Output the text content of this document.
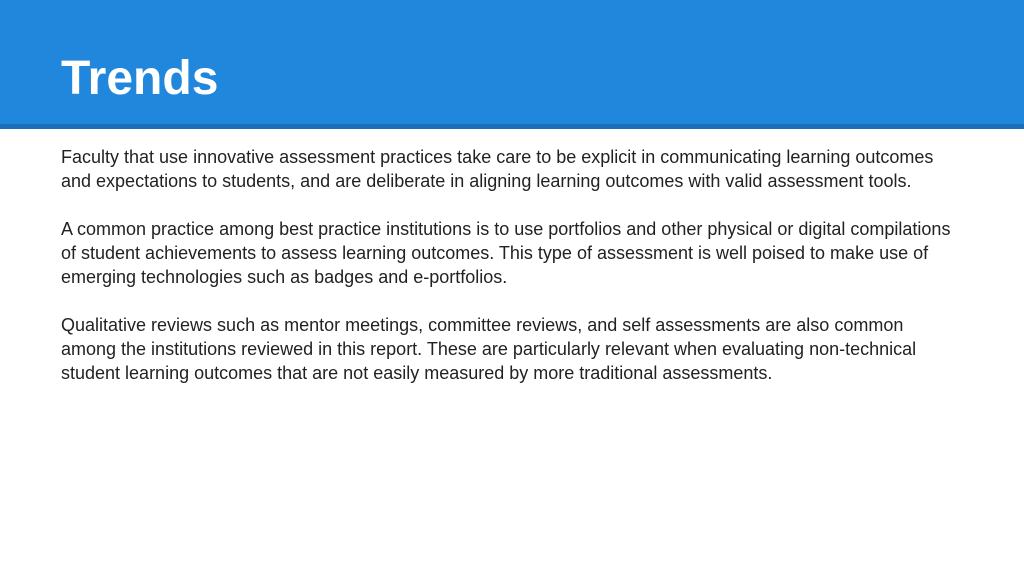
Trends

Faculty that use innovative assessment practices take care to be explicit in communicating learning outcomes and expectations to students, and are deliberate in aligning learning outcomes with valid assessment tools.

A common practice among best practice institutions is to use portfolios and other physical or digital compilations of student achievements to assess learning outcomes. This type of assessment is well poised to make use of emerging technologies such as badges and e-portfolios.

Qualitative reviews such as mentor meetings, committee reviews, and self assessments are also common among the institutions reviewed in this report. These are particularly relevant when evaluating non-technical student learning outcomes that are not easily measured by more traditional assessments.
